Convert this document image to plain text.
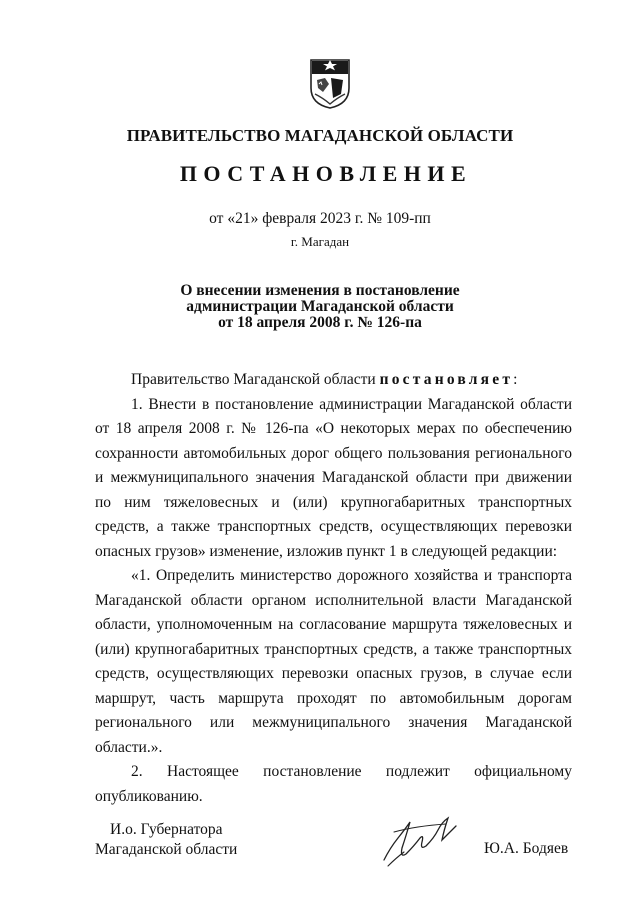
ПРАВИТЕЛЬСТВО МАГАДАНСКОЙ ОБЛАСТИ
ПОСТАНОВЛЕНИЕ
от «21» февраля 2023 г. № 109-пп
г. Магадан
О внесении изменения в постановление
администрации Магаданской области
от 18 апреля 2008 г. № 126-па

Правительство Магаданской области постановляет:

1. Внести в постановление администрации Магаданской области от 18 апреля 2008 г. № 126-па «О некоторых мерах по обеспечению сохранности автомобильных дорог общего пользования регионального и межмуниципального значения Магаданской области при движении по ним тяжеловесных и (или) крупногабаритных транспортных средств, а также транспортных средств, осуществляющих перевозки опасных грузов» изменение, изложив пункт 1 в следующей редакции:

«1. Определить министерство дорожного хозяйства и транспорта Магаданской области органом исполнительной власти Магаданской области, уполномоченным на согласование маршрута тяжеловесных и (или) крупногабаритных транспортных средств, а также транспортных средств, осуществляющих перевозки опасных грузов, в случае если маршрут, часть маршрута проходят по автомобильным дорогам регионального или межмуниципального значения Магаданской области.».

2. Настоящее постановление подлежит официальному

опубликованию.

И.о. Губернатора
Магаданской области	Ю.А. Бодяев
